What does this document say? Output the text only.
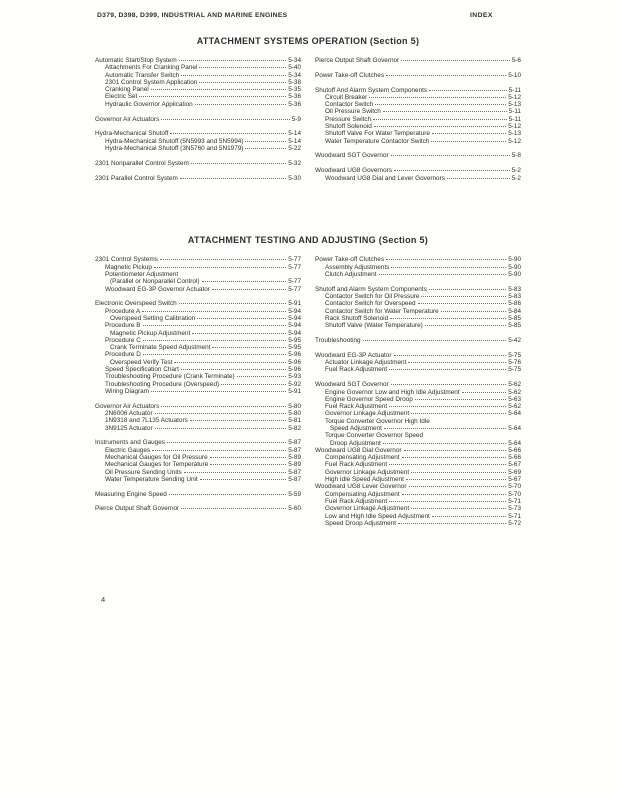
D379, D398, D399, INDUSTRIAL AND MARINE ENGINES	INDEX
ATTACHMENT SYSTEMS OPERATION (Section 5)
Automatic Start/Stop System	5-34
Attachments For Cranking Panel	5-40
Automatic Transfer Switch	5-34
2301 Control System Application	5-38
Cranking Panel	5-35
Electric Set	5-36
Hydraulic Governor Application	5-36
Governor Air Actuators	5-9
Hydra-Mechanical Shutoff	5-14
Hydra-Mechanical Shutoff (5N5993 and 5N5994)	5-14
Hydra-Mechanical Shutoff (3N5760 and 5N1979)	5-22
2301 Nonparallel Control System	5-32
2301 Parallel Control System	5-30
Pierce Output Shaft Governor	5-6
Power Take-off Clutches	5-10
Shutoff And Alarm System Components	5-11
Circuit Breaker	5-12
Contactor Switch	5-13
Oil Pressure Switch	5-11
Pressure Switch	5-11
Shutoff Solenoid	5-12
Shutoff Valve For Water Temperature	5-13
Water Temperature Contactor Switch	5-12
Woodward SGT Governor	5-8
Woodward UG8 Governors	5-2
Woodward UG8 Dial and Lever Governors	5-2
ATTACHMENT TESTING AND ADJUSTING (Section 5)
2301 Control Systems	5-77
Magnetic Pickup	5-77
Potentiometer Adjustment
(Parallel or Nonparallel Control)	5-77
Woodward EG-3P Governor Actuator	5-77
Electronic Overspeed Switch	5-91
Procedure A	5-94
Overspeed Setting Calibration	5-94
Procedure B	5-94
Magnetic Pickup Adjustment	5-94
Procedure C	5-95
Crank Terminate Speed Adjustment	5-95
Procedure D	5-96
Overspeed Verify Test	5-96
Speed Specification Chart	5-96
Troubleshooting Procedure (Crank Terminate)	5-93
Troubleshooting Procedure (Overspeed)	5-92
Wiring Diagram	5-91
Governor Air Actuators	5-80
2N6006 Actuator	5-80
1N9318 and 7L135 Actuators	5-81
3N9125 Actuator	5-82
Instruments and Gauges	5-87
Electric Gauges	5-87
Mechanical Gauges for Oil Pressure	5-89
Mechanical Gauges for Temperature	5-89
Oil Pressure Sending Units	5-87
Water Temperature Sending Unit	5-87
Measuring Engine Speed	5-59
Pierce Output Shaft Governor	5-60
Power Take-off Clutches	5-90
Assembly Adjustments	5-90
Clutch Adjustment	5-90
Shutoff and Alarm System Components	5-83
Contactor Switch for Oil Pressure	5-83
Contactor Switch for Overspeed	5-86
Contactor Switch for Water Temperature	5-84
Rack Shutoff Solenoid	5-85
Shutoff Valve (Water Temperature)	5-85
Troubleshooting	5-42
Woodward EG-3P Actuator	5-75
Actuator Linkage Adjustment	5-76
Fuel Rack Adjustment	5-75
Woodward SGT Governor	5-62
Engine Governor Low and High Idle Adjustment	5-62
Engine Governor Speed Droop	5-63
Fuel Rack Adjustment	5-62
Governor Linkage Adjustment	5-64
Torque Converter Governor High Idle
Speed Adjustment	5-64
Torque Converter Governor Speed
Droop Adjustment	5-64
Woodward UG8 Dial Governor	5-66
Compensating Adjustment	5-66
Fuel Rack Adjustment	5-67
Governor Linkage Adjustment	5-69
High Idle Speed Adjustment	5-67
Woodward UG8 Lever Governor	5-70
Compensating Adjustment	5-70
Fuel Rack Adjustment	5-71
Governor Linkage Adjustment	5-73
Low and High Idle Speed Adjustment	5-71
Speed Droop Adjustment	5-72
4
